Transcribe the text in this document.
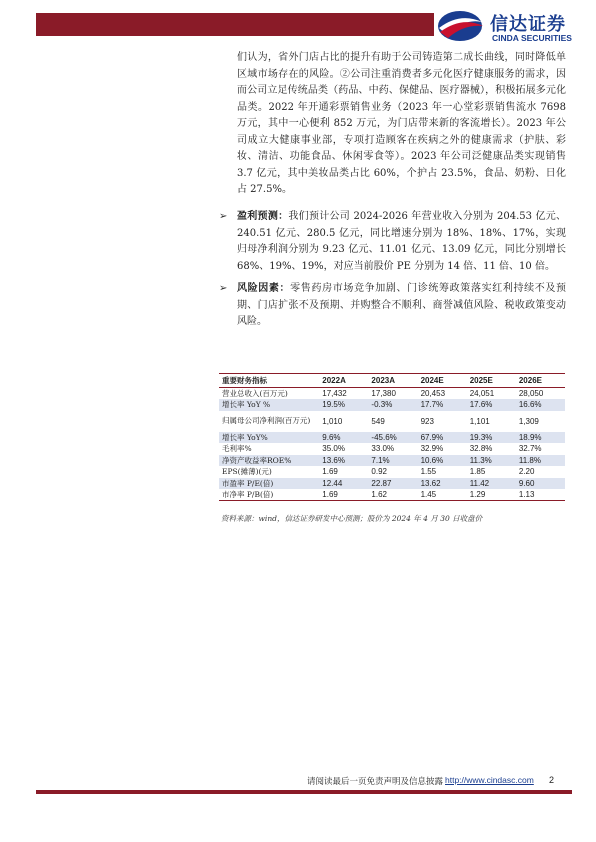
信达证券
CINDA SECURITIES
们认为，省外门店占比的提升有助于公司铸造第二成长曲线，同时降低单区域市场存在的风险。②公司注重消费者多元化医疗健康服务的需求，因而公司立足传统品类（药品、中药、保健品、医疗器械），积极拓展多元化品类。2022 年开通彩票销售业务（2023 年一心堂彩票销售流水 7698 万元，其中一心便利 852 万元，为门店带来新的客流增长）。2023 年公司成立大健康事业部，专项打造顾客在疾病之外的健康需求（护肤、彩妆、清洁、功能食品、休闲零食等）。2023 年公司泛健康品类实现销售 3.7 亿元，其中美妆品类占比 60%，个护占 23.5%，食品、奶粉、日化占 27.5%。
➢ 盈利预测：我们预计公司 2024-2026 年营业收入分别为 204.53 亿元、240.51 亿元、280.5 亿元，同比增速分别为 18%、18%、17%，实现归母净利润分别为 9.23 亿元、11.01 亿元、13.09 亿元，同比分别增长 68%、19%、19%，对应当前股价 PE 分别为 14 倍、11 倍、10 倍。
➢ 风险因素：零售药房市场竞争加剧、门诊统筹政策落实红利持续不及预期、门店扩张不及预期、并购整合不顺利、商誉减值风险、税收政策变动风险。
重要财务指标	2022A	2023A	2024E	2025E	2026E
营业总收入(百万元)	17,432	17,380	20,453	24,051	28,050
增长率 YoY %	19.5%	-0.3%	17.7%	17.6%	16.6%
归属母公司净利润(百万元)	1,010	549	923	1,101	1,309
增长率 YoY%	9.6%	-45.6%	67.9%	19.3%	18.9%
毛利率%	35.0%	33.0%	32.9%	32.8%	32.7%
净资产收益率ROE%	13.6%	7.1%	10.6%	11.3%	11.8%
EPS(摊薄)(元)	1.69	0.92	1.55	1.85	2.20
市盈率 P/E(倍)	12.44	22.87	13.62	11.42	9.60
市净率 P/B(倍)	1.69	1.62	1.45	1.29	1.13
资料来源：wind，信达证券研发中心预测；股价为 2024 年 4 月 30 日收盘价
请阅读最后一页免责声明及信息披露 http://www.cindasc.com 2
